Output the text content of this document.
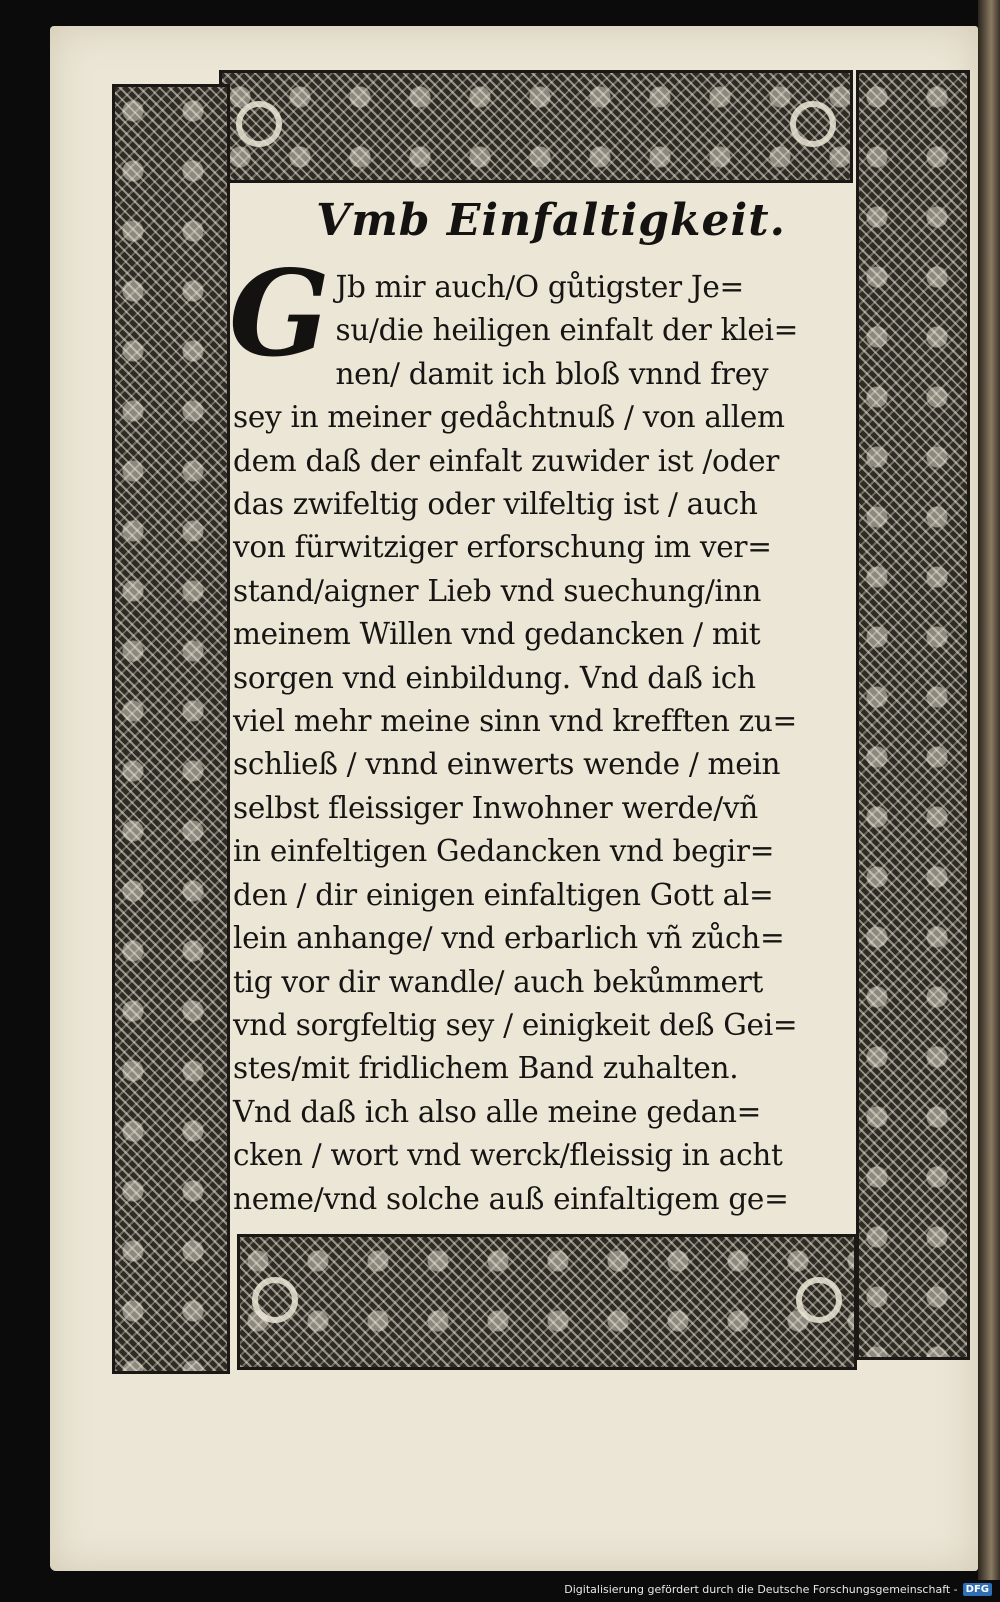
Vmb Einfaltigkeit.
G Jb mir auch/O gůtigster Je=
su/die heiligen einfalt der klei=
nen/ damit ich bloß vnnd frey
sey in meiner gedåchtnuß / von allem
dem daß der einfalt zuwider ist /oder
das zwifeltig oder vilfeltig ist / auch
von fürwitziger erforschung im ver=
stand/aigner Lieb vnd suechung/inn
meinem Willen vnd gedancken / mit
sorgen vnd einbildung. Vnd daß ich
viel mehr meine sinn vnd krefften zu=
schließ / vnnd einwerts wende / mein
selbst fleissiger Inwohner werde/vñ
in einfeltigen Gedancken vnd begir=
den / dir einigen einfaltigen Gott al=
lein anhange/ vnd erbarlich vñ zůch=
tig vor dir wandle/ auch bekůmmert
vnd sorgfeltig sey / einigkeit deß Gei=
stes/mit fridlichem Band zuhalten.
Vnd daß ich also alle meine gedan=
cken / wort vnd werck/fleissig in acht
neme/vnd solche auß einfaltigem ge=
Digitalisierung gefördert durch die Deutsche Forschungsgemeinschaft - DFG
